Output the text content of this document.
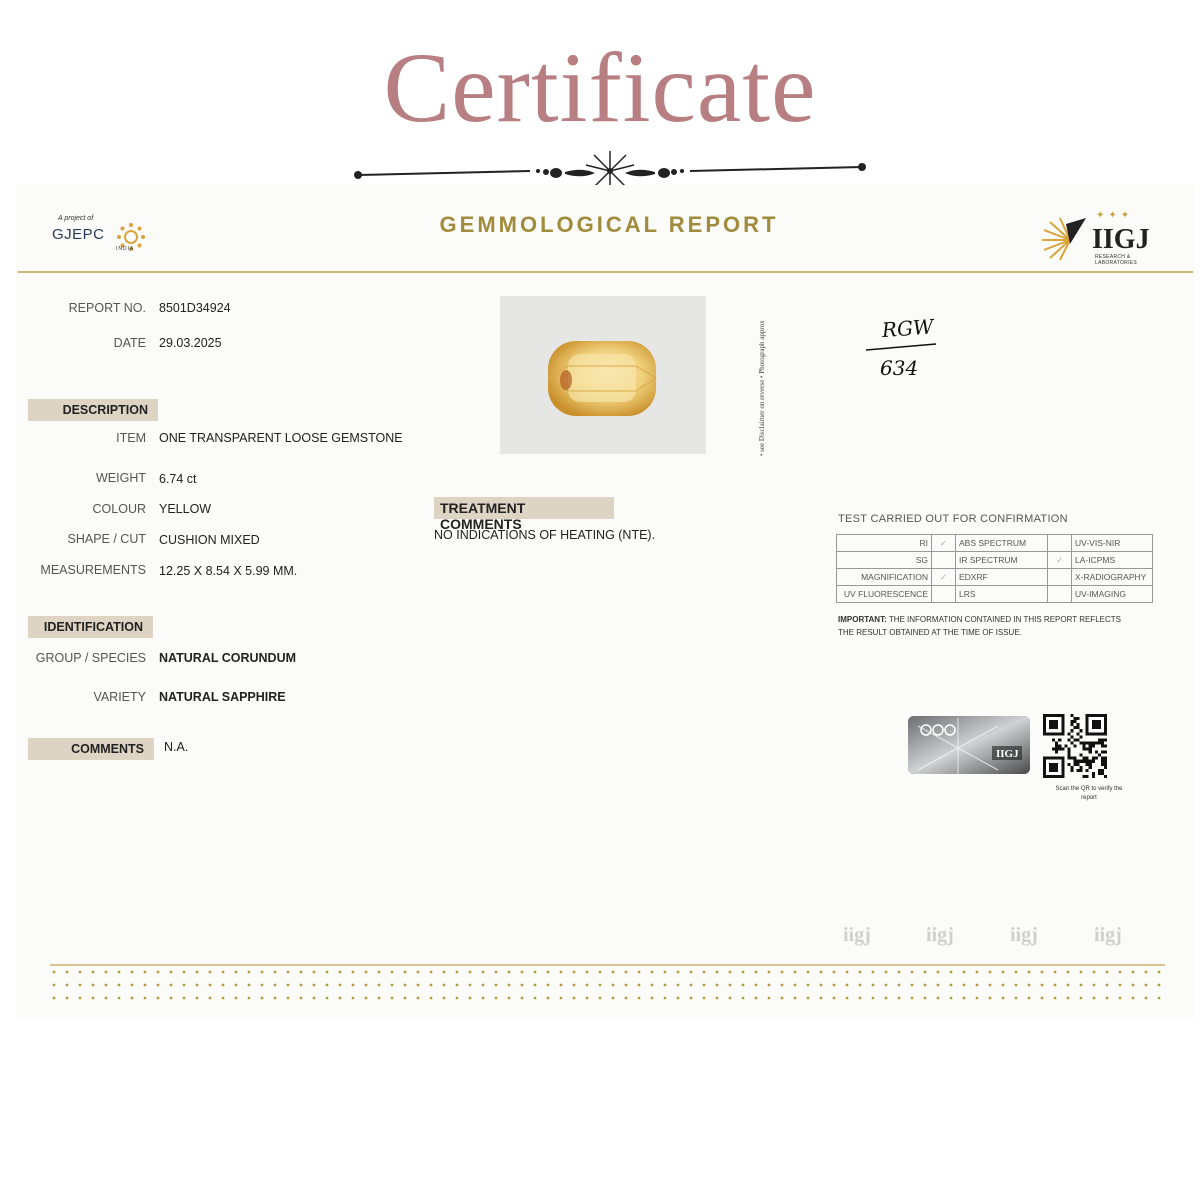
Certificate
A project of
GJEPC
INDIA
GEMMOLOGICAL REPORT	✦✦✦
IIGJ
RESEARCH & LABORATORIES
REPORT NO. 8501D34924
DATE 29.03.2025
DESCRIPTION
ITEM ONE TRANSPARENT LOOSE GEMSTONE
WEIGHT 6.74 ct
COLOUR YELLOW
SHAPE / CUT CUSHION MIXED
MEASUREMENTS 12.25 X 8.54 X 5.99 MM.
IDENTIFICATION
GROUP / SPECIES NATURAL CORUNDUM
VARIETY NATURAL SAPPHIRE
COMMENTS	N.A.
• see Disclaimer on reverse • Photograph approx	RGW
634
TREATMENT COMMENTS
NO INDICATIONS OF HEATING (NTE).
TEST CARRIED OUT FOR CONFIRMATION
RI	✓	ABS SPECTRUM		UV-VIS-NIR
SG		IR SPECTRUM	✓	LA-ICPMS
MAGNIFICATION	✓	EDXRF		X-RADIOGRAPHY
UV FLUORESCENCE		LRS		UV-IMAGING
IMPORTANT: THE INFORMATION CONTAINED IN THIS REPORT REFLECTS THE RESULT OBTAINED AT THE TIME OF ISSUE.
IIGJ
Scan the QR to verify the report
iigj	iigj	iigj	iigj
